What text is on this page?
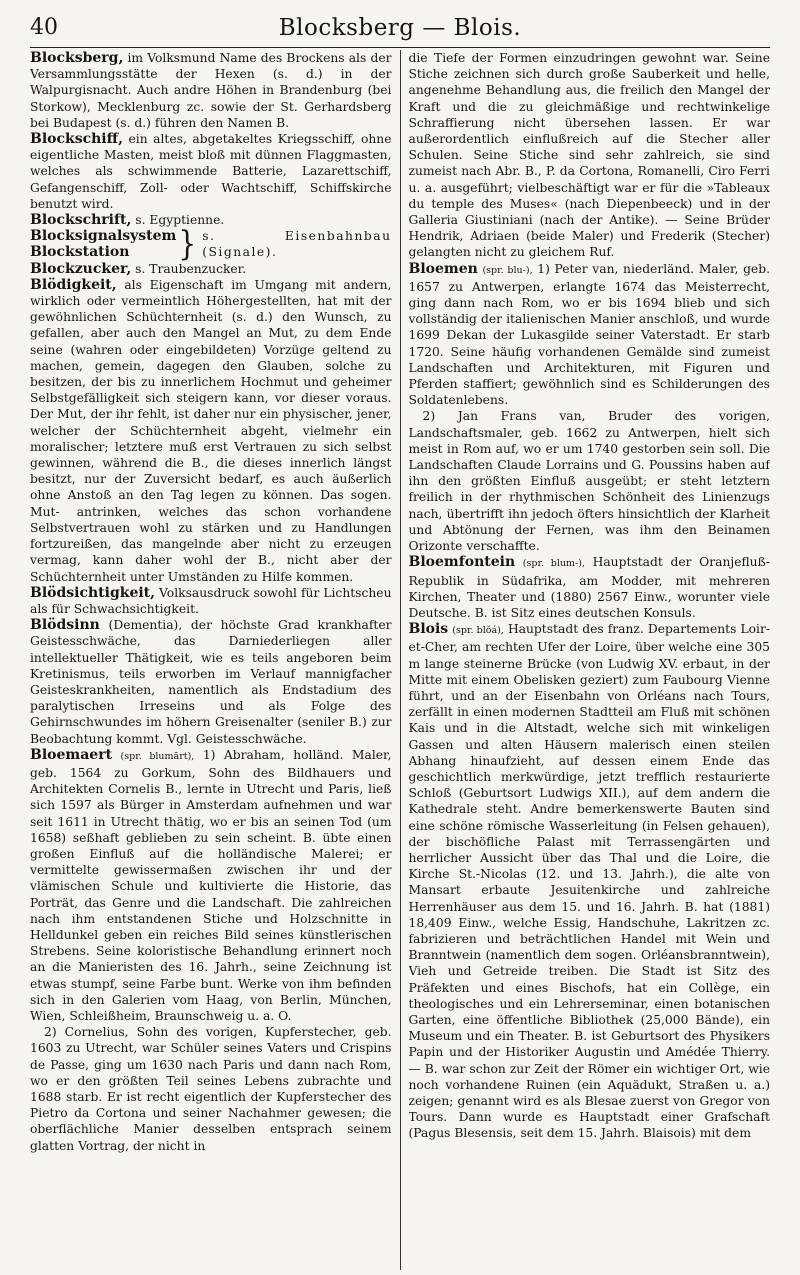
40	Blocksberg — Blois.

Blocksberg, im Volksmund Name des Brockens als der Versammlungsstätte der Hexen (s. d.) in der Walpurgisnacht. Auch andre Höhen in Brandenburg (bei Storkow), Mecklenburg zc. sowie der St. Gerhardsberg bei Budapest (s. d.) führen den Namen B.

Blockschiff, ein altes, abgetakeltes Kriegsschiff, ohne eigentliche Masten, meist bloß mit dünnen Flaggmasten, welches als schwimmende Batterie, Lazarettschiff, Gefangenschiff, Zoll- oder Wachtschiff, Schiffskirche benutzt wird.

Blockschrift, s. Egyptienne.

Blocksignalsystem
Blockstation	} s. Eisenbahnbau (Signale).

Blockzucker, s. Traubenzucker.

Blödigkeit, als Eigenschaft im Umgang mit andern, wirklich oder vermeintlich Höhergestellten, hat mit der gewöhnlichen Schüchternheit (s. d.) den Wunsch, zu gefallen, aber auch den Mangel an Mut, zu dem Ende seine (wahren oder eingebildeten) Vorzüge geltend zu machen, gemein, dagegen den Glauben, solche zu besitzen, der bis zu innerlichem Hochmut und geheimer Selbstgefälligkeit sich steigern kann, vor dieser voraus. Der Mut, der ihr fehlt, ist daher nur ein physischer, jener, welcher der Schüchternheit abgeht, vielmehr ein moralischer; letztere muß erst Vertrauen zu sich selbst gewinnen, während die B., die dieses innerlich längst besitzt, nur der Zuversicht bedarf, es auch äußerlich ohne Anstoß an den Tag legen zu können. Das sogen. Mut- antrinken, welches das schon vorhandene Selbstvertrauen wohl zu stärken und zu Handlungen fortzureißen, das mangelnde aber nicht zu erzeugen vermag, kann daher wohl der B., nicht aber der Schüchternheit unter Umständen zu Hilfe kommen.

Blödsichtigkeit, Volksausdruck sowohl für Lichtscheu als für Schwachsichtigkeit.

Blödsinn (Dementia), der höchste Grad krankhafter Geistesschwäche, das Darniederliegen aller intellektueller Thätigkeit, wie es teils angeboren beim Kretinismus, teils erworben im Verlauf mannigfacher Geisteskrankheiten, namentlich als Endstadium des paralytischen Irreseins und als Folge des Gehirnschwundes im höhern Greisenalter (seniler B.) zur Beobachtung kommt. Vgl. Geistesschwäche.

Bloemaert (spr. blumārt), 1) Abraham, holländ. Maler, geb. 1564 zu Gorkum, Sohn des Bildhauers und Architekten Cornelis B., lernte in Utrecht und Paris, ließ sich 1597 als Bürger in Amsterdam aufnehmen und war seit 1611 in Utrecht thätig, wo er bis an seinen Tod (um 1658) seßhaft geblieben zu sein scheint. B. übte einen großen Einfluß auf die holländische Malerei; er vermittelte gewissermaßen zwischen ihr und der vlämischen Schule und kultivierte die Historie, das Porträt, das Genre und die Landschaft. Die zahlreichen nach ihm entstandenen Stiche und Holzschnitte in Helldunkel geben ein reiches Bild seines künstlerischen Strebens. Seine koloristische Behandlung erinnert noch an die Manieristen des 16. Jahrh., seine Zeichnung ist etwas stumpf, seine Farbe bunt. Werke von ihm befinden sich in den Galerien vom Haag, von Berlin, München, Wien, Schleißheim, Braunschweig u. a. O.

2) Cornelius, Sohn des vorigen, Kupferstecher, geb. 1603 zu Utrecht, war Schüler seines Vaters und Crispins de Passe, ging um 1630 nach Paris und dann nach Rom, wo er den größten Teil seines Lebens zubrachte und 1688 starb. Er ist recht eigentlich der Kupferstecher des Pietro da Cortona und seiner Nachahmer gewesen; die oberflächliche Manier desselben entsprach seinem glatten Vortrag, der nicht in

die Tiefe der Formen einzudringen gewohnt war. Seine Stiche zeichnen sich durch große Sauberkeit und helle, angenehme Behandlung aus, die freilich den Mangel der Kraft und die zu gleichmäßige und rechtwinkelige Schraffierung nicht übersehen lassen. Er war außerordentlich einflußreich auf die Stecher aller Schulen. Seine Stiche sind sehr zahlreich, sie sind zumeist nach Abr. B., P. da Cortona, Romanelli, Ciro Ferri u. a. ausgeführt; vielbeschäftigt war er für die »Tableaux du temple des Muses« (nach Diepenbeeck) und in der Galleria Giustiniani (nach der Antike). — Seine Brüder Hendrik, Adriaen (beide Maler) und Frederik (Stecher) gelangten nicht zu gleichem Ruf.

Bloemen (spr. blu-), 1) Peter van, niederländ. Maler, geb. 1657 zu Antwerpen, erlangte 1674 das Meisterrecht, ging dann nach Rom, wo er bis 1694 blieb und sich vollständig der italienischen Manier anschloß, und wurde 1699 Dekan der Lukasgilde seiner Vaterstadt. Er starb 1720. Seine häufig vorhandenen Gemälde sind zumeist Landschaften und Architekturen, mit Figuren und Pferden staffiert; gewöhnlich sind es Schilderungen des Soldatenlebens.

2) Jan Frans van, Bruder des vorigen, Landschaftsmaler, geb. 1662 zu Antwerpen, hielt sich meist in Rom auf, wo er um 1740 gestorben sein soll. Die Landschaften Claude Lorrains und G. Poussins haben auf ihn den größten Einfluß ausgeübt; er steht letztern freilich in der rhythmischen Schönheit des Linienzugs nach, übertrifft ihn jedoch öfters hinsichtlich der Klarheit und Abtönung der Fernen, was ihm den Beinamen Orizonte verschaffte.

Bloemfontein (spr. blum-), Hauptstadt der Oranjefluß-Republik in Südafrika, am Modder, mit mehreren Kirchen, Theater und (1880) 2567 Einw., worunter viele Deutsche. B. ist Sitz eines deutschen Konsuls.

Blois (spr. blŏá), Hauptstadt des franz. Departements Loir-et-Cher, am rechten Ufer der Loire, über welche eine 305 m lange steinerne Brücke (von Ludwig XV. erbaut, in der Mitte mit einem Obelisken geziert) zum Faubourg Vienne führt, und an der Eisenbahn von Orléans nach Tours, zerfällt in einen modernen Stadtteil am Fluß mit schönen Kais und in die Altstadt, welche sich mit winkeligen Gassen und alten Häusern malerisch einen steilen Abhang hinaufzieht, auf dessen einem Ende das geschichtlich merkwürdige, jetzt trefflich restaurierte Schloß (Geburtsort Ludwigs XII.), auf dem andern die Kathedrale steht. Andre bemerkenswerte Bauten sind eine schöne römische Wasserleitung (in Felsen gehauen), der bischöfliche Palast mit Terrassengärten und herrlicher Aussicht über das Thal und die Loire, die Kirche St.-Nicolas (12. und 13. Jahrh.), die alte von Mansart erbaute Jesuitenkirche und zahlreiche Herrenhäuser aus dem 15. und 16. Jahrh. B. hat (1881) 18,409 Einw., welche Essig, Handschuhe, Lakritzen zc. fabrizieren und beträchtlichen Handel mit Wein und Branntwein (namentlich dem sogen. Orléansbranntwein), Vieh und Getreide treiben. Die Stadt ist Sitz des Präfekten und eines Bischofs, hat ein Collège, ein theologisches und ein Lehrerseminar, einen botanischen Garten, eine öffentliche Bibliothek (25,000 Bände), ein Museum und ein Theater. B. ist Geburtsort des Physikers Papin und der Historiker Augustin und Amédée Thierry. — B. war schon zur Zeit der Römer ein wichtiger Ort, wie noch vorhandene Ruinen (ein Aquädukt, Straßen u. a.) zeigen; genannt wird es als Blesae zuerst von Gregor von Tours. Dann wurde es Hauptstadt einer Grafschaft (Pagus Blesensis, seit dem 15. Jahrh. Blaisois) mit dem
